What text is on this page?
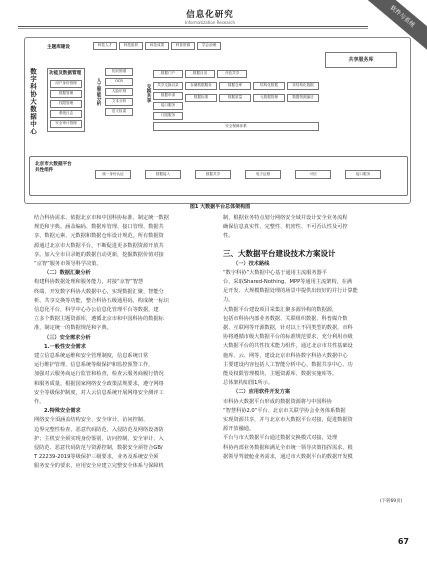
信息化研究
Informatization Research	软件与系统
数字科协大数据中心
主题库建设	科技人才	科技组织	科技成果	科普资源	学会治理
共享服务库
功能及数据管理
用户身份管理
数据管理
权限管理
系统日志
安全审计管理
人工智能分析
知识图谱
OCR
人脸识别
文本分析
语义检索
数据门户	数据目录	开放共享
交换共享	共享交换目录
数据申请
接口服务
订阅服务
存储数据服务	数据仓库	结构化数据	非结构化数据
数据标准	数据质量	元数据管理	数据资源编目
安全保障体系
北京市大数据平台共性组件
统一身份认证	数据接入	数据共享	电子证照	可信	接口服务
图1 大数据平台总体架构图

结合科协需求、依据北京市和中国科协标准、制定统一数据

规范和字典。涵盖编码、数据库管理、接口管理、数据共

享、数据元素、元数据和数据仓库设计规范。所有数据资

源通过北京市大数据平台，不断促进更多数据资源开放共

享。加入全市目录链的数据自动更新，挖掘数据价值对接

“京智”服务市领导科学决策。

（二）数据汇聚分析

构建科协数据处理和服务能力，对接“京智”智慧

终端，开发数字科协大数据中心，实现数据汇聚、智能分

析、共享交换等功能，整合科协五级通用码，构成统一标识

信息化平台，科学中心办公信息化管理平台等数据，建

立多个数据主题资源库，遵循北京市和中国科协的数据标

准，制定统一的数据规范和字典。

（三）安全需求分析

1.一般性安全需求

建立信息系统运维和安全管理制度，信息系统日常

运行维护管理、信息系统等级保护和监控预警工作，

加强对云服务商运行监管和检查，检查云服务商履行情况

和服务质量。根据国家网络安全政策法规要求，遵守网络

安全等级保护制度，对人云信息系统开展网络安全测评工

作。

2.特殊安全需求

网络安全須涵盖结构安全、安全审计、访问控制、

边界完整性检查、恶意代码防范、入侵防范及网络设备防

护；主机安全须实现身份鉴别、访问控制、安全审计、入

侵防范、恶意代码防范与资源控制，数据安全须符合GB/

T 22239-2019等级保护三级要求，业务及系统安全须

服务安全的要求，应用安全应建立完整安全体系与保障机

制，根据业务特点划分网络安全域并设计安全业务流程

确保信息真实性、完整性、机密性、不可否认性及可控

性。

三、大数据平台建设技术方案设计

（一）技术路线

“数字科协”大数据中心基于通用主流服务器平

台，采取Shared-Nothing、MPP等通用主流架构，在满

足开发、大规模数据处理的场景中提供出较好的并行计算能

力。

大数据平台建设项目采集汇聚多源异构的数据源，

包括市科协内部业务数据、关联组织数据、科普媒介数

据、互联网等开源数据，针对以上不同类型的数据，市科

协将遵循市级大数据平台的标准规范要求，充分利用市级

大数据平台的共性技术能力组件，通过北京市共性基础设

施库、云、网等，建设北京市科协数字科协大数据中心

主要建设内容包括人工智能分析中心、数据共享中心、功

能及权限管理模块、主题资源库、数据实施库等。

总体架构如图1所示。

（二）应用软件开发方案

市科协大数据平台形成的数据资源将与中国科协

“智慧科协2.0”平台、北京市关联学协会业务体系数据

实现资源共享，并与北京市大数据平台对接，促进数据资

源开放融通。

平台与市大数据平台通过数据交换模式对接，处理

科协内部业务数据和满足全市统一领导决策指挥需求。根

据领导驾驶舱业务需求，通过市大数据平台的数据开发模

(下转69页)
67
